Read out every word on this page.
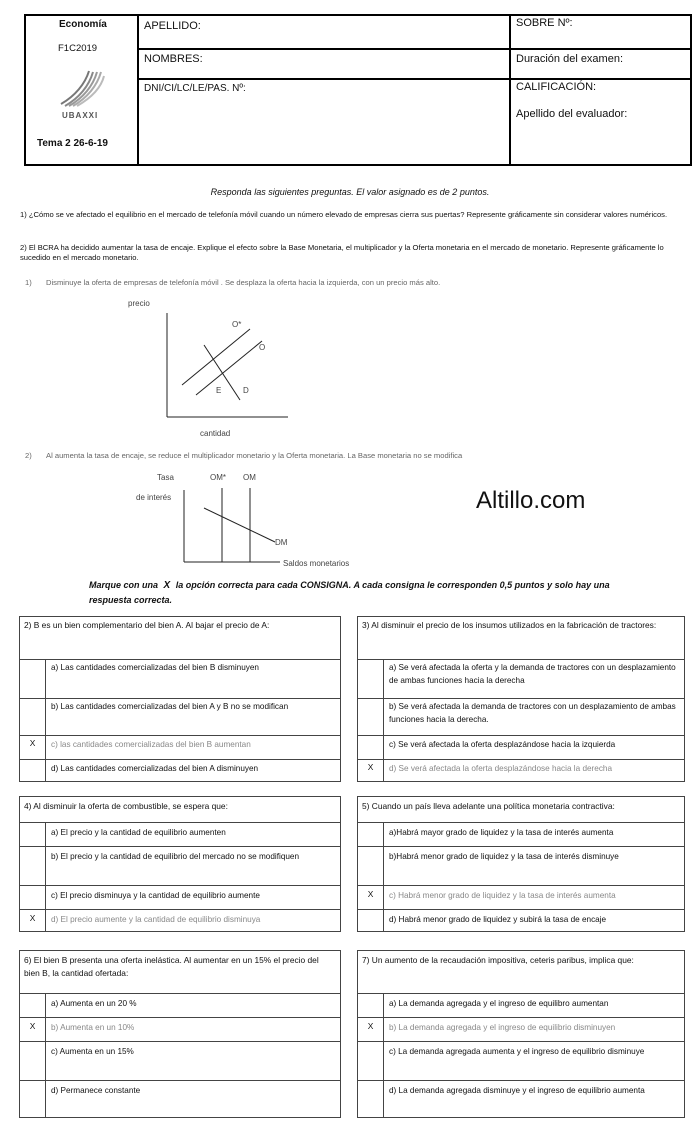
Economía
F1C2019
UBAXXI
Tema 2 26-6-19
APELLIDO:
NOMBRES:
DNI/CI/LC/LE/PAS. Nº:
SOBRE Nº:
Duración del examen:
CALIFICACIÓN:
Apellido del evaluador:
Responda las siguientes preguntas. El valor asignado es de 2 puntos.
1) ¿Cómo se ve afectado el equilibrio en el mercado de telefonía móvil cuando un número elevado de empresas cierra sus puertas? Represente gráficamente sin considerar valores numéricos.
2) El BCRA ha decidido aumentar la tasa de encaje. Explique el efecto sobre la Base Monetaria, el multiplicador y la Oferta monetaria en el mercado de monetario. Represente gráficamente lo sucedido en el mercado monetario.
1) Disminuye la oferta de empresas de telefonía móvil . Se desplaza la oferta hacia la izquierda, con un precio más alto.
precio
O*
O
E	D
cantidad
2) Al aumenta la tasa de encaje, se reduce el multiplicador monetario y la Oferta monetaria. La Base monetaria no se modifica
Tasa
de interés
OM* OM
DM
Saldos monetarios
Altillo.com
Marque con una X la opción correcta para cada CONSIGNA. A cada consigna le corresponden 0,5 puntos y solo hay una respuesta correcta.
2) B es un bien complementario del bien A. Al bajar el precio de A:
a) Las cantidades comercializadas del bien B disminuyen
b) Las cantidades comercializadas del bien A y B no se modifican
X	c) las cantidades comercializadas del bien B aumentan
d) Las cantidades comercializadas del bien A disminuyen
3) Al disminuir el precio de los insumos utilizados en la fabricación de tractores:
a) Se verá afectada la oferta y la demanda de tractores con un desplazamiento de ambas funciones hacia la derecha
b) Se verá afectada la demanda de tractores con un desplazamiento de ambas funciones hacia la derecha.
c) Se verá afectada la oferta desplazándose hacia la izquierda
X	d) Se verá afectada la oferta desplazándose hacia la derecha
4) Al disminuir la oferta de combustible, se espera que:
a) El precio y la cantidad de equilibrio aumenten
b) El precio y la cantidad de equilibrio del mercado no se modifiquen
c) El precio disminuya y la cantidad de equilibrio aumente
X	d) El precio aumente y la cantidad de equilibrio disminuya
5) Cuando un país lleva adelante una política monetaria contractiva:
a)Habrá mayor grado de liquidez y la tasa de interés aumenta
b)Habrá menor grado de liquidez y la tasa de interés disminuye
X	c) Habrá menor grado de liquidez y la tasa de interés aumenta
d) Habrá menor grado de liquidez y subirá la tasa de encaje
6) El bien B presenta una oferta inelástica. Al aumentar en un 15% el precio del bien B, la cantidad ofertada:
a) Aumenta en un 20 %
X	b) Aumenta en un 10%
c) Aumenta en un 15%
d) Permanece constante
7) Un aumento de la recaudación impositiva, ceteris paribus, implica que:
a) La demanda agregada y el ingreso de equilibro aumentan
X	b) La demanda agregada y el ingreso de equilibrio disminuyen
c) La demanda agregada aumenta y el ingreso de equilibrio disminuye
d) La demanda agregada disminuye y el ingreso de equilibrio aumenta
